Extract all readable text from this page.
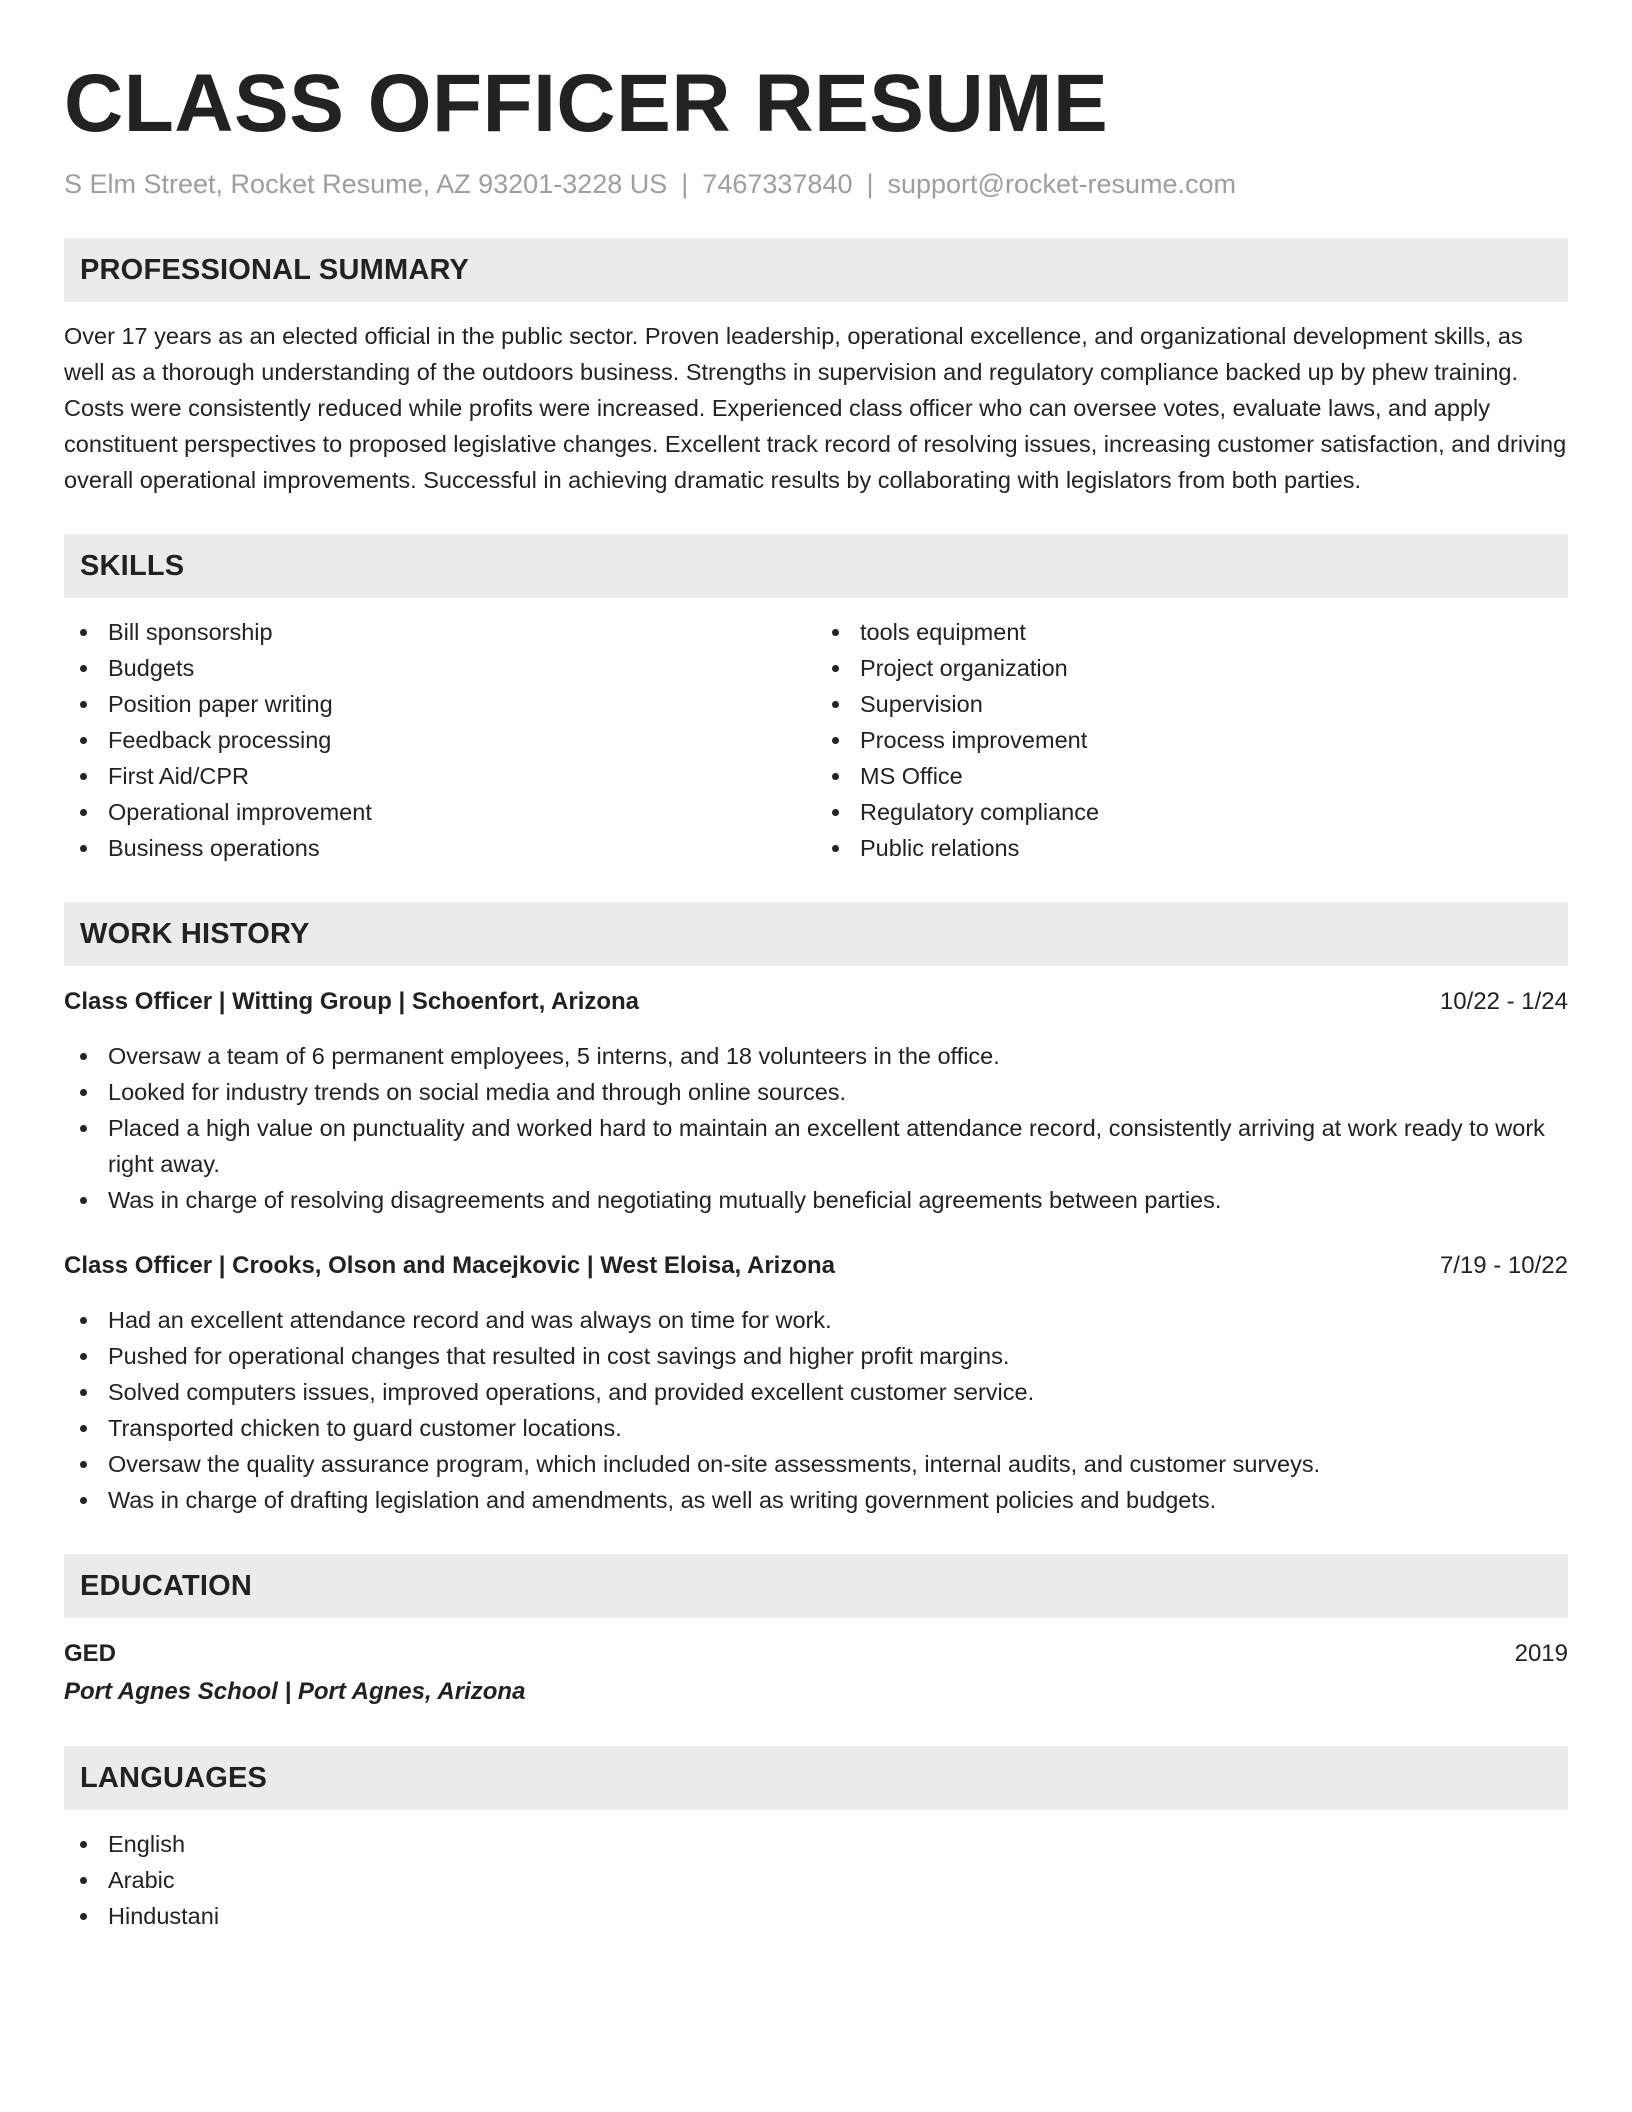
CLASS OFFICER RESUME
S Elm Street, Rocket Resume, AZ 93201-3228 US | 7467337840 | support@rocket-resume.com
PROFESSIONAL SUMMARY
Over 17 years as an elected official in the public sector. Proven leadership, operational excellence, and organizational development skills, as well as a thorough understanding of the outdoors business. Strengths in supervision and regulatory compliance backed up by phew training. Costs were consistently reduced while profits were increased. Experienced class officer who can oversee votes, evaluate laws, and apply constituent perspectives to proposed legislative changes. Excellent track record of resolving issues, increasing customer satisfaction, and driving overall operational improvements. Successful in achieving dramatic results by collaborating with legislators from both parties.
SKILLS
Bill sponsorship
Budgets
Position paper writing
Feedback processing
First Aid/CPR
Operational improvement
Business operations
tools equipment
Project organization
Supervision
Process improvement
MS Office
Regulatory compliance
Public relations
WORK HISTORY
Class Officer | Witting Group | Schoenfort, Arizona	10/22 - 1/24
Oversaw a team of 6 permanent employees, 5 interns, and 18 volunteers in the office.
Looked for industry trends on social media and through online sources.
Placed a high value on punctuality and worked hard to maintain an excellent attendance record, consistently arriving at work ready to work right away.
Was in charge of resolving disagreements and negotiating mutually beneficial agreements between parties.
Class Officer | Crooks, Olson and Macejkovic | West Eloisa, Arizona	7/19 - 10/22
Had an excellent attendance record and was always on time for work.
Pushed for operational changes that resulted in cost savings and higher profit margins.
Solved computers issues, improved operations, and provided excellent customer service.
Transported chicken to guard customer locations.
Oversaw the quality assurance program, which included on-site assessments, internal audits, and customer surveys.
Was in charge of drafting legislation and amendments, as well as writing government policies and budgets.
EDUCATION
GED	2019
Port Agnes School | Port Agnes, Arizona
LANGUAGES
English
Arabic
Hindustani
